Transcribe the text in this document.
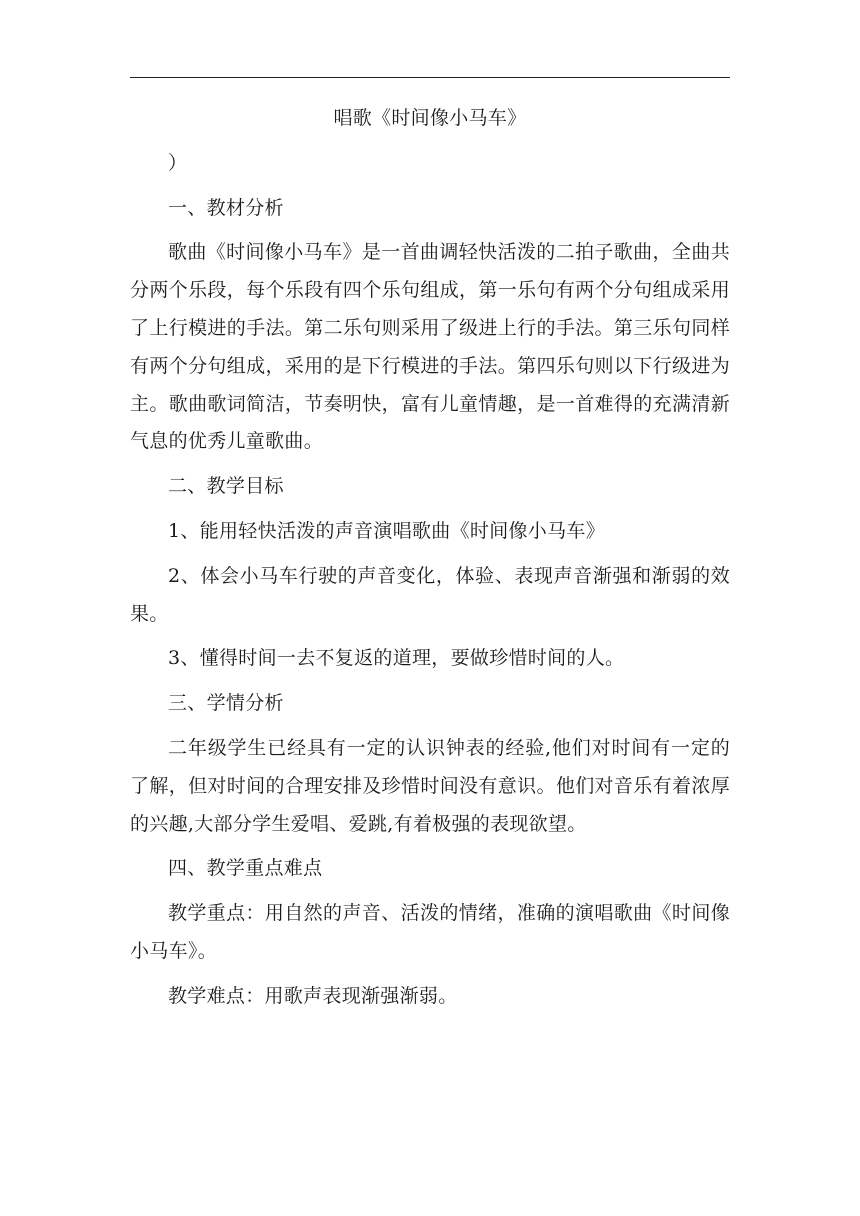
唱歌《时间像小马车》

）

一、教材分析

歌曲《时间像小马车》是一首曲调轻快活泼的二拍子歌曲，全曲共分两个乐段，每个乐段有四个乐句组成，第一乐句有两个分句组成采用了上行模进的手法。第二乐句则采用了级进上行的手法。第三乐句同样有两个分句组成，采用的是下行模进的手法。第四乐句则以下行级进为主。歌曲歌词简洁，节奏明快，富有儿童情趣，是一首难得的充满清新气息的优秀儿童歌曲。

二、教学目标

1、能用轻快活泼的声音演唱歌曲《时间像小马车》

2、体会小马车行驶的声音变化，体验、表现声音渐强和渐弱的效果。

3、懂得时间一去不复返的道理，要做珍惜时间的人。

三、学情分析

二年级学生已经具有一定的认识钟表的经验,他们对时间有一定的了解，但对时间的合理安排及珍惜时间没有意识。他们对音乐有着浓厚的兴趣,大部分学生爱唱、爱跳,有着极强的表现欲望。

四、教学重点难点

教学重点：用自然的声音、活泼的情绪，准确的演唱歌曲《时间像小马车》。

教学难点：用歌声表现渐强渐弱。
